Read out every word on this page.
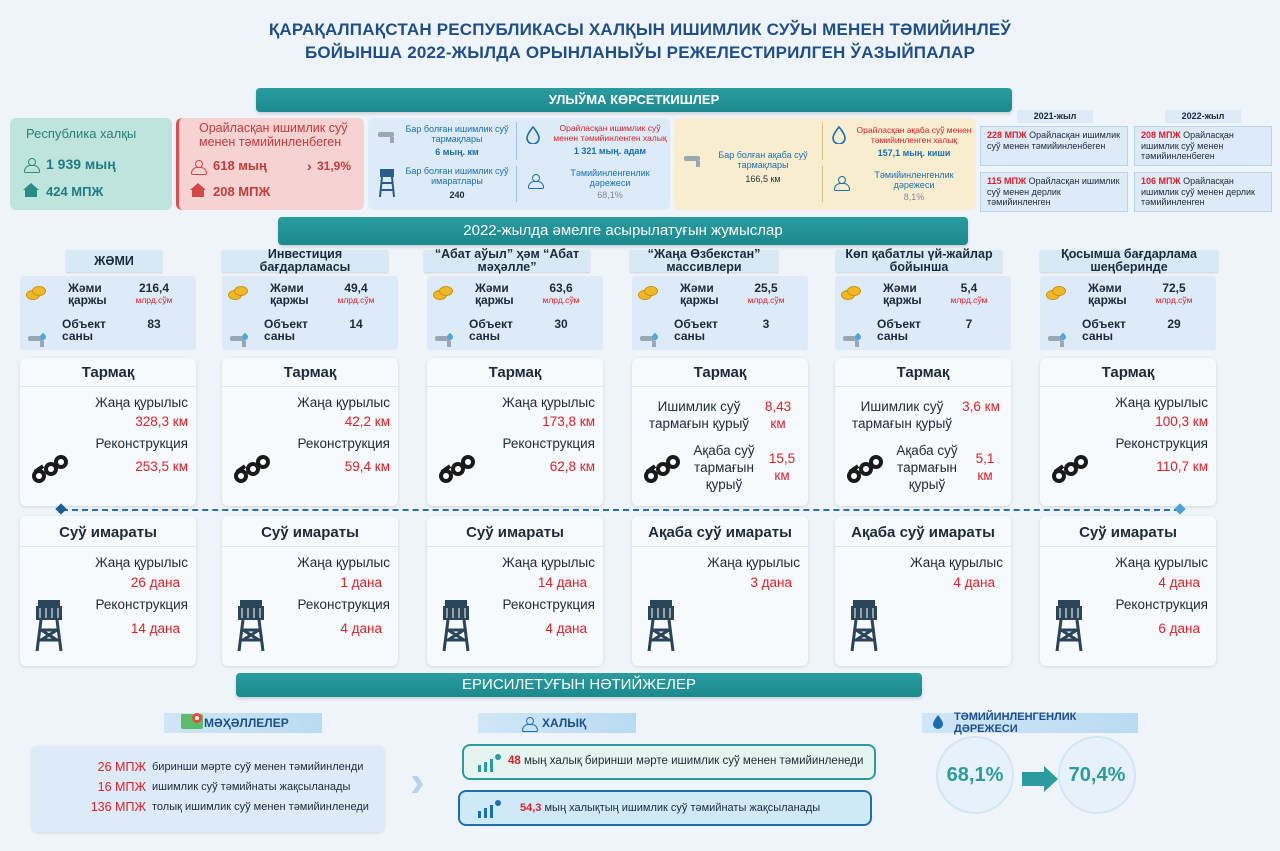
ҚАРАҚАЛПАҚСТАН РЕСПУБЛИКАСЫ ХАЛҚЫН ИШИМЛИК СУЎЫ МЕНЕН ТӘМИЙИНЛЕЎ
БОЙЫНША 2022-ЖЫЛДА ОРЫНЛАНЫЎЫ РЕЖЕЛЕСТИРИЛГЕН ЎАЗЫЙПАЛАР
УЛЫЎМА КӨРСЕТКИШЛЕР
Республика халқы
1 939 мың
424 МПЖ
Орайласқан ишимлик суў менен тәмийинленбеген
618 мың	› 31,9%
208 МПЖ
Бар болған ишимлик суў тармақлары
6 мың. км
Орайласқан ишимлик суў менен тәмийинленген халық
1 321 мың. адам
Бар болған ишимлик суў имаратлары
240
Тәмийинленгенлик дәрежеси
68,1%
Бар болған ақаба суў тармақлары
166,5 км
Орайласқан ақаба суў менен тәмийинленген халық
157,1 мың. киши
Тәмийинленгенлик дәрежеси
8,1%
2021-жыл	2022-жыл
228 МПЖ Орайласқан ишимлик суў менен тәмийинленбеген
208 МПЖ Орайласқан ишимлик суў менен тәмийинленбеген
115 МПЖ Орайласқан ишимлик суў менен дерлик тәмийинленген
106 МПЖ Орайласқан ишимлик суў менен дерлик тәмийинленген
2022-жылда әмелге асырылатуғын жумыслар
ЖӘМИ
Жәми қаржы
216,4
млрд.сўм
Объект саны
83
Тармақ
Жаңа қурылыс
328,3 км
Реконструкция
253,5 км
Суў имараты
Жаңа қурылыс
26 дана
Реконструкция
14 дана
Инвестиция бағдарламасы
Жәми қаржы
49,4
млрд.сўм
Объект саны
14
Тармақ
Жаңа қурылыс
42,2 км
Реконструкция
59,4 км
Суў имараты
Жаңа қурылыс
1 дана
Реконструкция
4 дана
“Абат аўыл” ҳәм “Абат мәҳәлле”
Жәми қаржы
63,6
млрд.сўм
Объект саны
30
Тармақ
Жаңа қурылыс
173,8 км
Реконструкция
62,8 км
Суў имараты
Жаңа қурылыс
14 дана
Реконструкция
4 дана
“Жаңа Өзбекстан” массивлери
Жәми қаржы
25,5
млрд.сўм
Объект саны
3
Тармақ
Ишимлик суў тармағын қурыў
8,43 км
Ақаба суў тармағын қурыў
15,5 км
Ақаба суў имараты
Жаңа қурылыс
3 дана
Көп қабатлы үй-жайлар бойынша
Жәми қаржы
5,4
млрд.сўм
Объект саны
7
Тармақ
Ишимлик суў тармағын қурыў
3,6 км
Ақаба суў тармағын қурыў
5,1 км
Ақаба суў имараты
Жаңа қурылыс
4 дана
Қосымша бағдарлама шеңберинде
Жәми қаржы
72,5
млрд.сўм
Объект саны
29
Тармақ
Жаңа қурылыс
100,3 км
Реконструкция
110,7 км
Суў имараты
Жаңа қурылыс
4 дана
Реконструкция
6 дана
ЕРИСИЛЕТУҒЫН НӘТИЙЖЕЛЕР
МӘҲӘЛЛЕЛЕР	ХАЛЫҚ	ТӘМИЙИНЛЕНГЕНЛИК ДӘРЕЖЕСИ
26 МПЖ биринши мәрте суў менен тәмийинленди
16 МПЖ ишимлик суў тәмийнаты жақсыланады
136 МПЖ толық ишимлик суў менен тәмийинленеди
›	48 мың халық биринши мәрте ишимлик суў менен тәмийинленеди
54,3 мың халықтың ишимлик суў тәмийнаты жақсыланады
68,1%	70,4%
